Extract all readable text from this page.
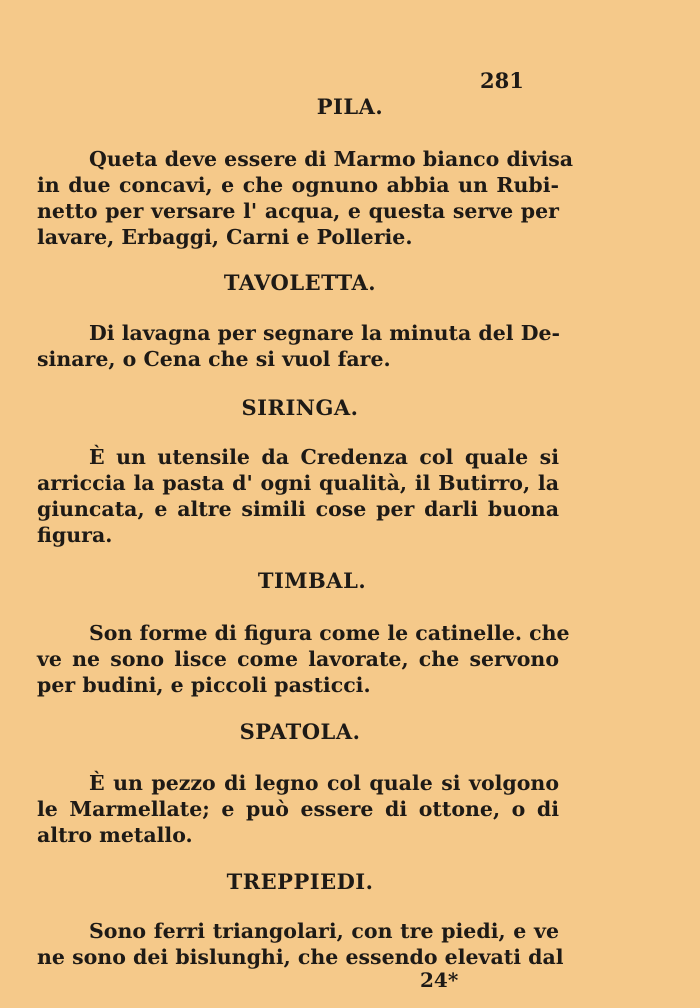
281
PILA.
Queta deve essere di Marmo bianco divisa
in due concavi, e che ognuno abbia un Rubi-
netto per versare l' acqua, e questa serve per
lavare, Erbaggi, Carni e Pollerie.
TAVOLETTA.
Di lavagna per segnare la minuta del De-
sinare, o Cena che si vuol fare.
SIRINGA.
È un utensile da Credenza col quale si
arriccia la pasta d' ogni qualità, il Butirro, la
giuncata, e altre simili cose per darli buona
figura.
TIMBAL.
Son forme di figura come le catinelle. che
ve ne sono lisce come lavorate, che servono
per budini, e piccoli pasticci.
SPATOLA.
È un pezzo di legno col quale si volgono
le Marmellate; e può essere di ottone, o di
altro metallo.
TREPPIEDI.
Sono ferri triangolari, con tre piedi, e ve
ne sono dei bislunghi, che essendo elevati dal
24*
